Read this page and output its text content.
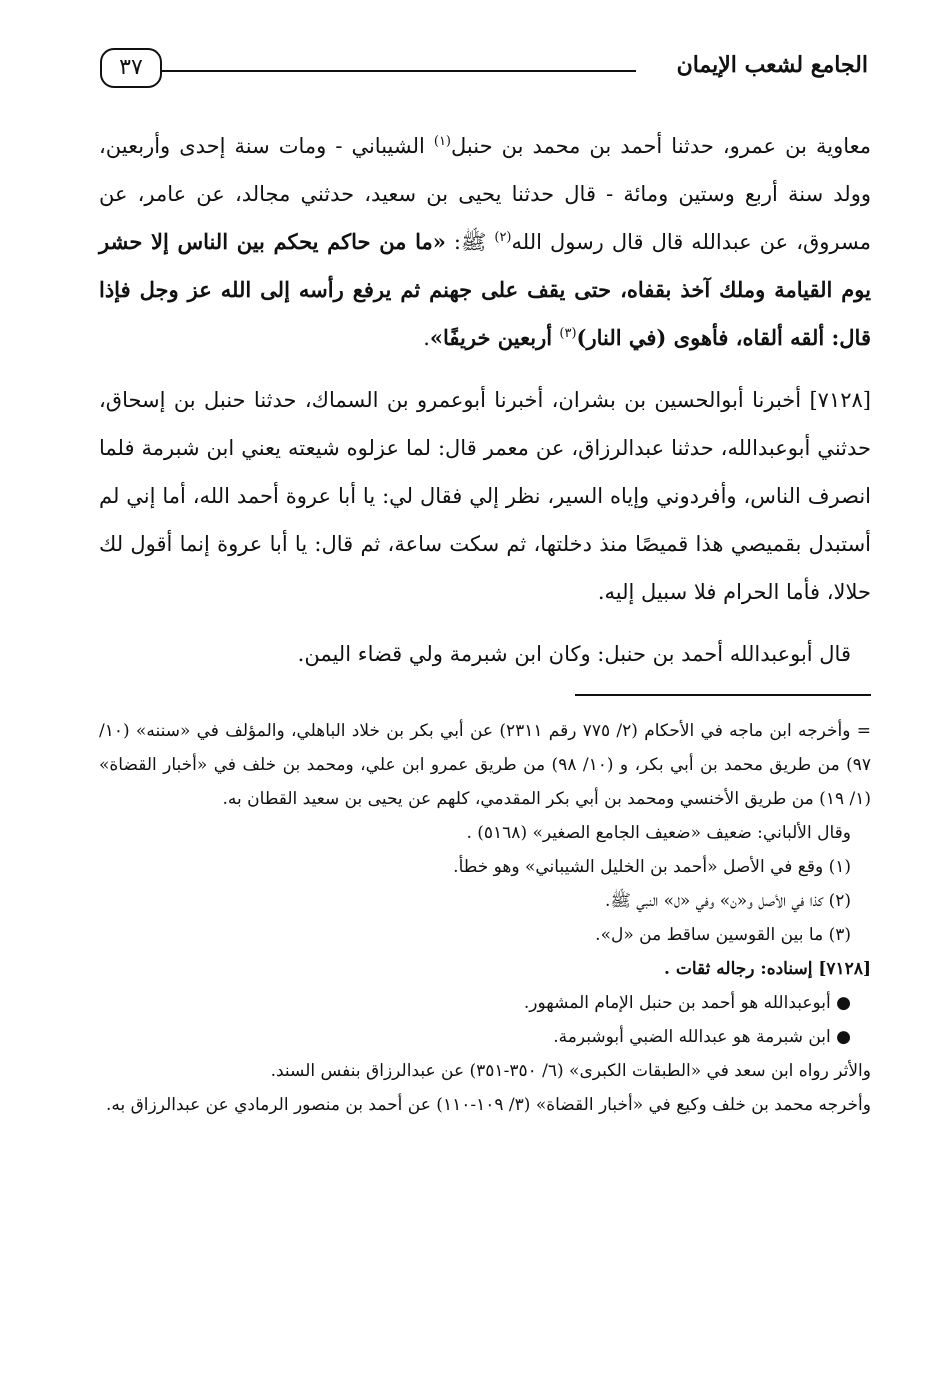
الجامع لشعب الإيمان
٣٧

معاوية بن عمرو، حدثنا أحمد بن محمد بن حنبل$^{(١)}$ الشيباني - ومات سنة إحدى وأربعين، وولد سنة أربع وستين ومائة - قال حدثنا يحيى بن سعيد، حدثني مجالد، عن عامر، عن مسروق، عن عبدالله قال قال رسول الله$^{(٢)}$ ﷺ: «ما من حاكم يحكم بين الناس إلا حشر يوم القيامة وملك آخذ بقفاه، حتى يقف على جهنم ثم يرفع رأسه إلى الله عز وجل فإذا قال: ألقه ألقاه، فأهوى (في النار)$^{(٣)}$ أربعين خريفًا».

[٧١٢٨] أخبرنا أبوالحسين بن بشران، أخبرنا أبوعمرو بن السماك، حدثنا حنبل بن إسحاق، حدثني أبوعبدالله، حدثنا عبدالرزاق، عن معمر قال: لما عزلوه شيعته يعني ابن شبرمة فلما انصرف الناس، وأفردوني وإياه السير، نظر إلي فقال لي: يا أبا عروة أحمد الله، أما إني لم أستبدل بقميصي هذا قميصًا منذ دخلتها، ثم سكت ساعة، ثم قال: يا أبا عروة إنما أقول لك حلالا، فأما الحرام فلا سبيل إليه.

قال أبوعبدالله أحمد بن حنبل: وكان ابن شبرمة ولي قضاء اليمن.

= وأخرجه ابن ماجه في الأحكام (٢/ ٧٧٥ رقم ٢٣١١) عن أبي بكر بن خلاد الباهلي، والمؤلف في «سننه» (١٠/ ٩٧) من طريق محمد بن أبي بكر، و (١٠/ ٩٨) من طريق عمرو ابن علي، ومحمد بن خلف في «أخبار القضاة» (١/ ١٩) من طريق الأخنسي ومحمد بن أبي بكر المقدمي، كلهم عن يحيى بن سعيد القطان به.

وقال الألباني: ضعيف «ضعيف الجامع الصغير» (٥١٦٨) .

(١) وقع في الأصل «أحمد بن الخليل الشيباني» وهو خطأ.

(٢) كذا في الأصل و«ن» وفي «ل» النبي ﷺ.

(٣) ما بين القوسين ساقط من «ل».

[٧١٢٨] إسناده: رجاله ثقات .

● أبوعبدالله هو أحمد بن حنبل الإمام المشهور.

● ابن شبرمة هو عبدالله الضبي أبوشبرمة.

والأثر رواه ابن سعد في «الطبقات الكبرى» (٦/ ٣٥٠-٣٥١) عن عبدالرزاق بنفس السند.

وأخرجه محمد بن خلف وكيع في «أخبار القضاة» (٣/ ١٠٩-١١٠) عن أحمد بن منصور الرمادي عن عبدالرزاق به.
